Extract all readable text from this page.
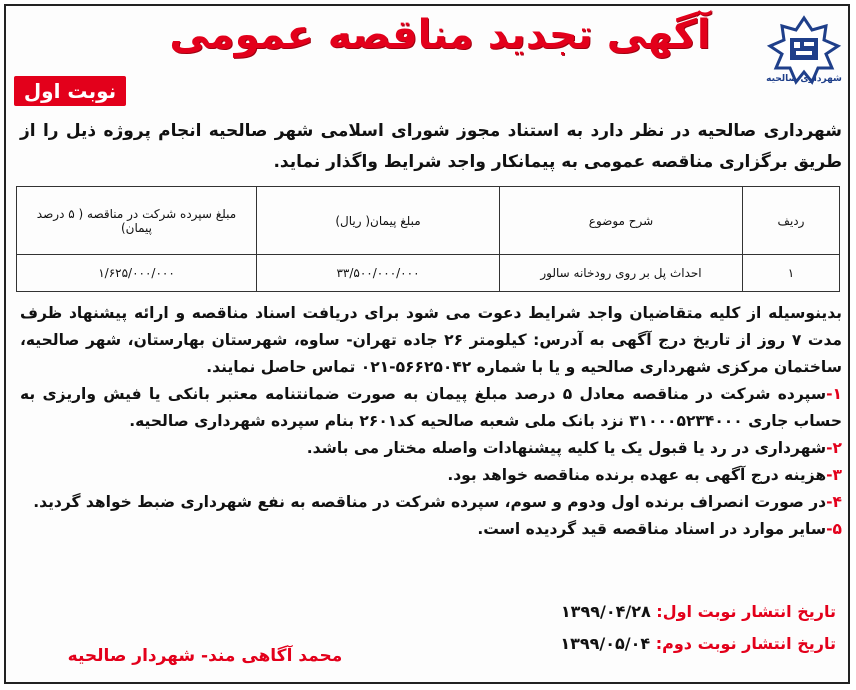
شهرداری صالحیه
آگهی تجدید مناقصه عمومی
نوبت اول
شهرداری صالحیه در نظر دارد به استناد مجوز شورای اسلامی شهر صالحیه انجام پروژه ذیل را از طریق برگزاری مناقصه عمومی به پیمانکار واجد شرایط واگذار نماید.
ردیف	شرح موضوع	مبلغ پیمان( ریال)	مبلغ سپرده شرکت در مناقصه ( ۵ درصد پیمان)
۱	احداث پل بر روی رودخانه سالور	۳۳/۵۰۰/۰۰۰/۰۰۰	۱/۶۲۵/۰۰۰/۰۰۰

بدینوسیله از کلیه متقاضیان واجد شرایط دعوت می شود برای دریافت اسناد مناقصه و ارائه پیشنهاد ظرف مدت ۷ روز از تاریخ درج آگهی به آدرس: کیلومتر ۲۶ جاده تهران- ساوه، شهرستان بهارستان، شهر صالحیه، ساختمان مرکزی شهرداری صالحیه و یا با شماره ۵۶۶۲۵۰۴۲-۰۲۱ تماس حاصل نمایند.

۱-سپرده شرکت در مناقصه معادل ۵ درصد مبلغ پیمان به صورت ضمانتنامه معتبر بانکی یا فیش واریزی به حساب جاری ۳۱۰۰۰۵۲۳۴۰۰۰ نزد بانک ملی شعبه صالحیه کد۲۶۰۱ بنام سپرده شهرداری صالحیه.

۲-شهرداری در رد یا قبول یک یا کلیه پیشنهادات واصله مختار می باشد.

۳-هزینه درج آگهی به عهده برنده مناقصه خواهد بود.

۴-در صورت انصراف برنده اول ودوم و سوم، سپرده شرکت در مناقصه به نفع شهرداری ضبط خواهد گردید.

۵-سایر موارد در اسناد مناقصه قید گردیده است.

تاریخ انتشار نوبت اول: ۱۳۹۹/۰۴/۲۸
تاریخ انتشار نوبت دوم: ۱۳۹۹/۰۵/۰۴
محمد آگاهی مند- شهردار صالحیه
